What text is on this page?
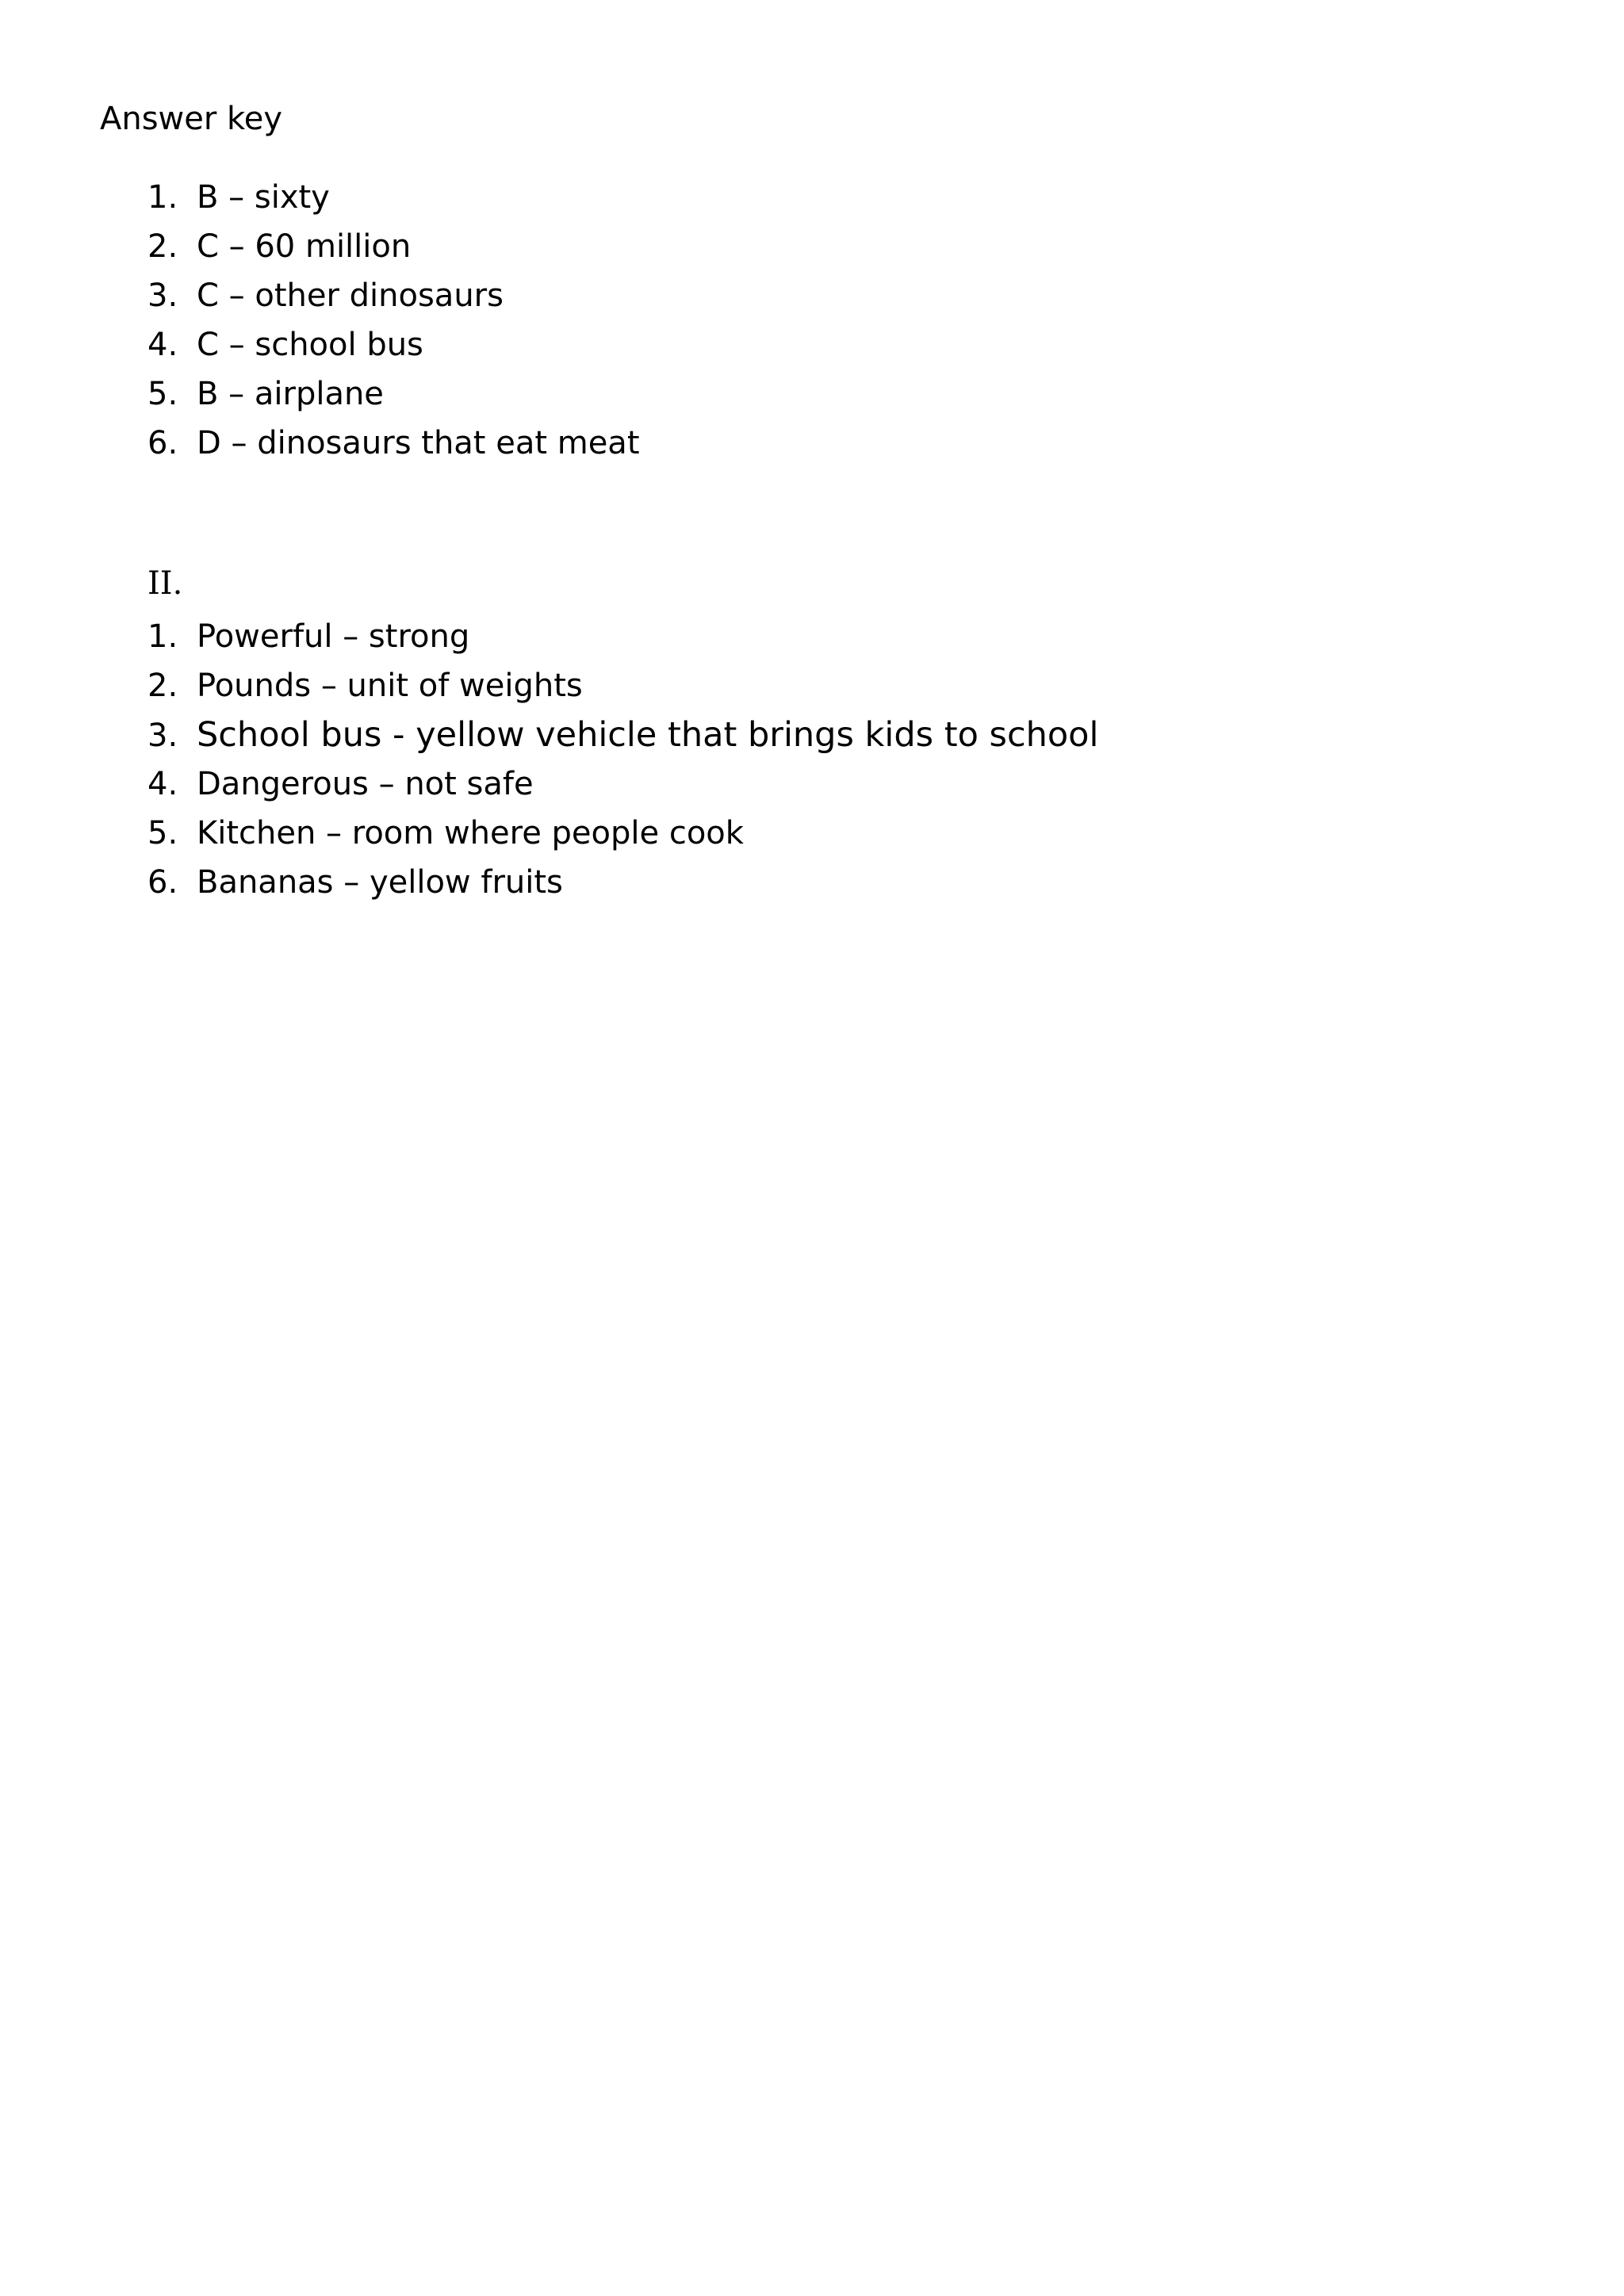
Answer key
1. B – sixty
2. C – 60 million
3. C – other dinosaurs
4. C – school bus
5. B – airplane
6. D – dinosaurs that eat meat
II.
1. Powerful – strong
2. Pounds – unit of weights
3. School bus - yellow vehicle that brings kids to school
4. Dangerous – not safe
5. Kitchen – room where people cook
6. Bananas – yellow fruits
